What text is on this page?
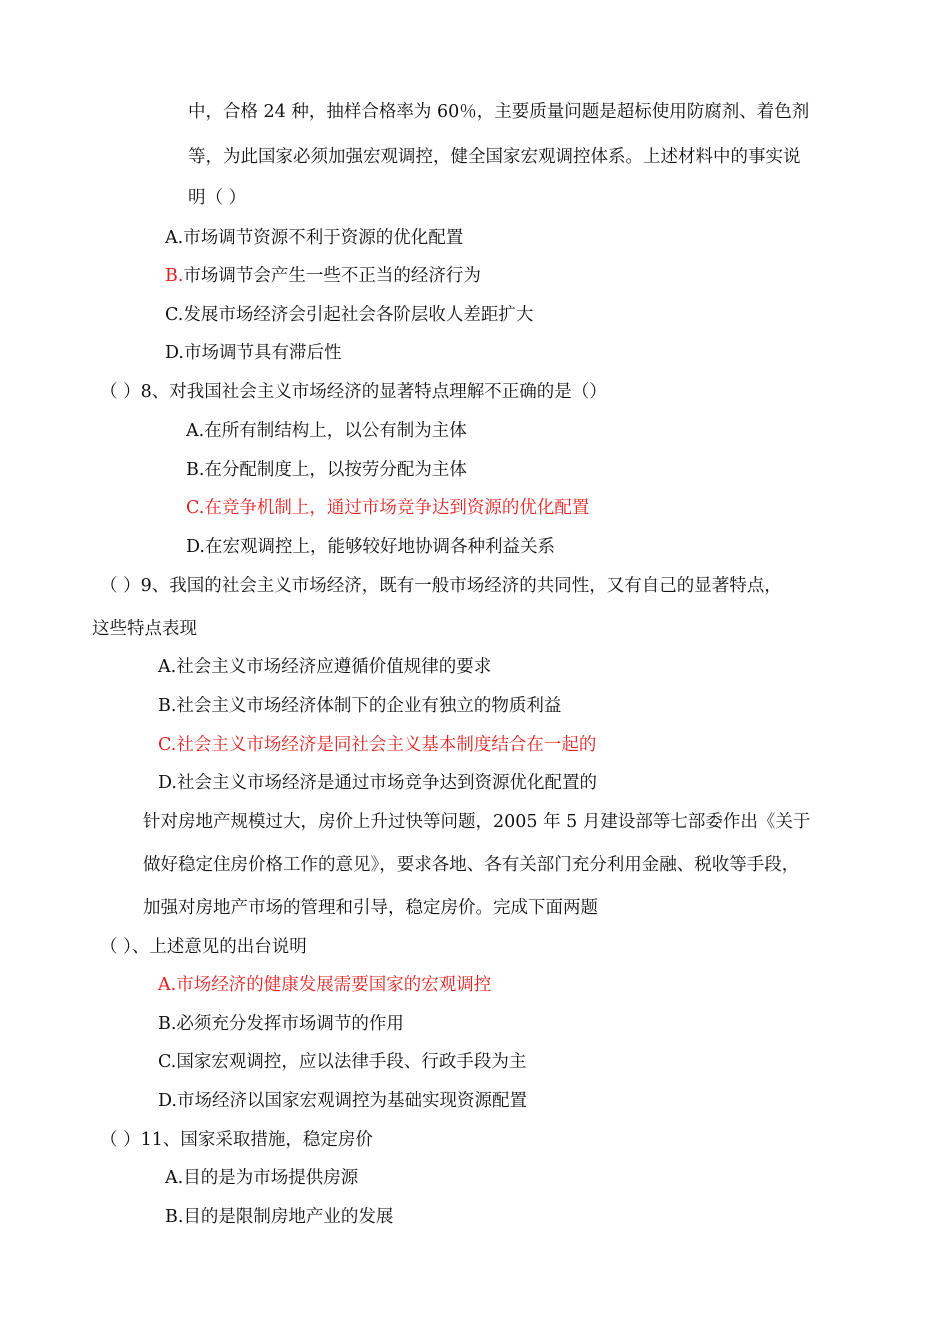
中，合格 24 种，抽样合格率为 60％，主要质量问题是超标使用防腐剂、着色剂
等，为此国家必须加强宏观调控，健全国家宏观调控体系。上述材料中的事实说
明（ ）
A.市场调节资源不利于资源的优化配置
B.市场调节会产生一些不正当的经济行为
C.发展市场经济会引起社会各阶层收人差距扩大
D.市场调节具有滞后性
（ ）8、对我国社会主义市场经济的显著特点理解不正确的是（）
A.在所有制结构上，以公有制为主体
B.在分配制度上，以按劳分配为主体
C.在竞争机制上，通过市场竞争达到资源的优化配置
D.在宏观调控上，能够较好地协调各种利益关系
（ ）9、我国的社会主义市场经济，既有一般市场经济的共同性，又有自己的显著特点，
这些特点表现
A.社会主义市场经济应遵循价值规律的要求
B.社会主义市场经济体制下的企业有独立的物质利益
C.社会主义市场经济是同社会主义基本制度结合在一起的
D.社会主义市场经济是通过市场竞争达到资源优化配置的
针对房地产规模过大，房价上升过快等问题，2005 年 5 月建设部等七部委作出《关于
做好稳定住房价格工作的意见》，要求各地、各有关部门充分利用金融、税收等手段，
加强对房地产市场的管理和引导，稳定房价。完成下面两题
（ ）、上述意见的出台说明
A.市场经济的健康发展需要国家的宏观调控
B.必须充分发挥市场调节的作用
C.国家宏观调控，应以法律手段、行政手段为主
D.市场经济以国家宏观调控为基础实现资源配置
（ ）11、国家采取措施，稳定房价
A.目的是为市场提供房源
B.目的是限制房地产业的发展
